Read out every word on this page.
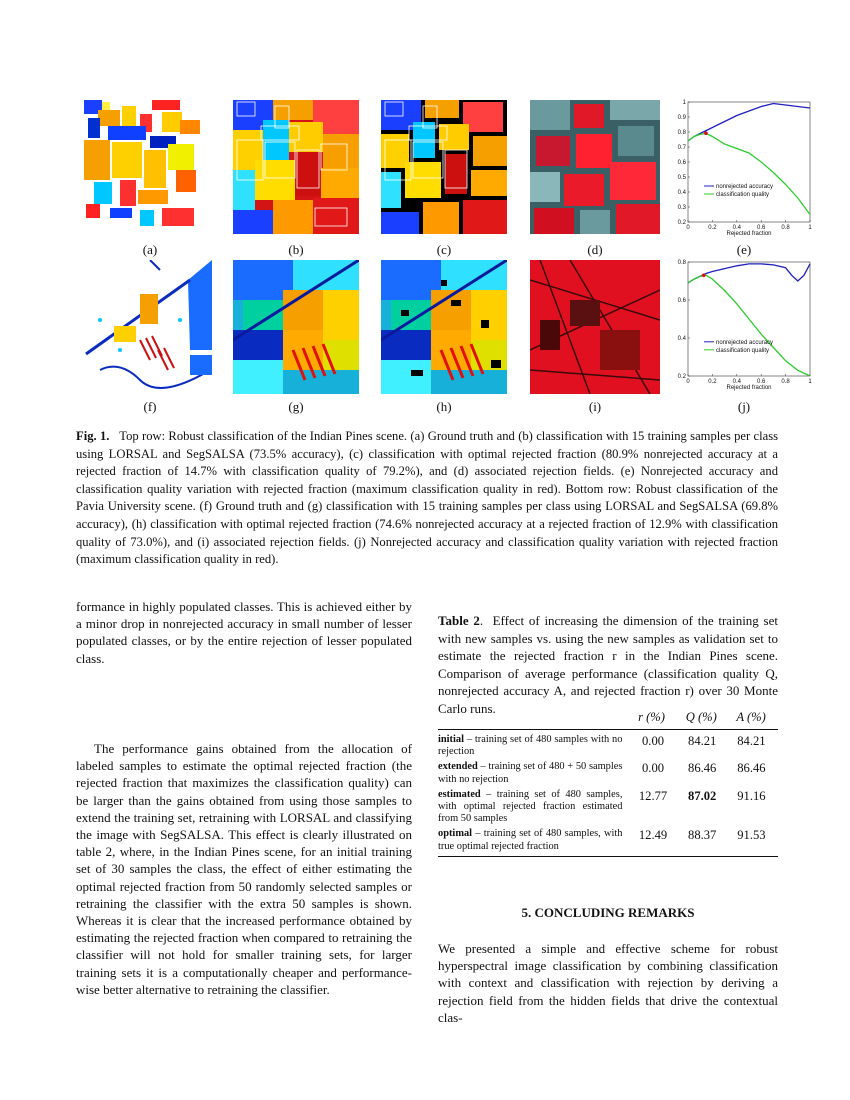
0	0.2	0.4	0.6	0.8	1
0.2
0.3
0.4
0.5
0.6
0.7
0.8
0.9
1
Rejected fraction
nonrejected accuracy
classification quality
(a)	(b)	(c)	(d)	(e)
0	0.2	0.4	0.6	0.8	1
0.2
0.4
0.6
0.8
Rejected fraction
nonrejected accuracy
classification quality
(f)	(g)	(h)	(i)	(j)
Fig. 1. Top row: Robust classification of the Indian Pines scene. (a) Ground truth and (b) classification with 15 training samples per class using LORSAL and SegSALSA (73.5% accuracy), (c) classification with optimal rejected fraction (80.9% nonrejected accuracy at a rejected fraction of 14.7% with classification quality of 79.2%), and (d) associated rejection fields. (e) Nonrejected accuracy and classification quality variation with rejected fraction (maximum classification quality in red). Bottom row: Robust classification of the Pavia University scene. (f) Ground truth and (g) classification with 15 training samples per class using LORSAL and SegSALSA (69.8% accuracy), (h) classification with optimal rejected fraction (74.6% nonrejected accuracy at a rejected fraction of 12.9% with classification quality of 73.0%), and (i) associated rejection fields. (j) Nonrejected accuracy and classification quality variation with rejected fraction (maximum classification quality in red).

formance in highly populated classes. This is achieved either by a minor drop in nonrejected accuracy in small number of lesser populated classes, or by the entire rejection of lesser populated class.

The performance gains obtained from the allocation of labeled samples to estimate the optimal rejected fraction (the rejected fraction that maximizes the classification quality) can be larger than the gains obtained from using those samples to extend the training set, retraining with LORSAL and classifying the image with SegSALSA. This effect is clearly illustrated on table 2, where, in the Indian Pines scene, for an initial training set of 30 samples the class, the effect of either estimating the optimal rejected fraction from 50 randomly selected samples or retraining the classifier with the extra 50 samples is shown. Whereas it is clear that the increased performance obtained by estimating the rejected fraction when compared to retraining the classifier will not hold for smaller training sets, for larger training sets it is a computationally cheaper and performance-wise better alternative to retraining the classifier.

Table 2.  Effect of increasing the dimension of the training set with new samples vs. using the new samples as validation set to estimate the rejected fraction r in the Indian Pines scene. Comparison of average performance (classification quality Q, nonrejected accuracy A, and rejected fraction r) over 30 Monte Carlo runs.
	r (%)	Q (%)	A (%)
initial – training set of 480 samples with no rejection	0.00	84.21	84.21
extended – training set of 480 + 50 samples with no rejection	0.00	86.46	86.46
estimated – training set of 480 samples, with optimal rejected fraction estimated from 50 samples	12.77	87.02	91.16
optimal – training set of 480 samples, with true optimal rejected fraction	12.49	88.37	91.53
5. CONCLUDING REMARKS
We presented a simple and effective scheme for robust hyperspectral image classification by combining classification with context and classification with rejection by deriving a rejection field from the hidden fields that drive the contextual clas-
